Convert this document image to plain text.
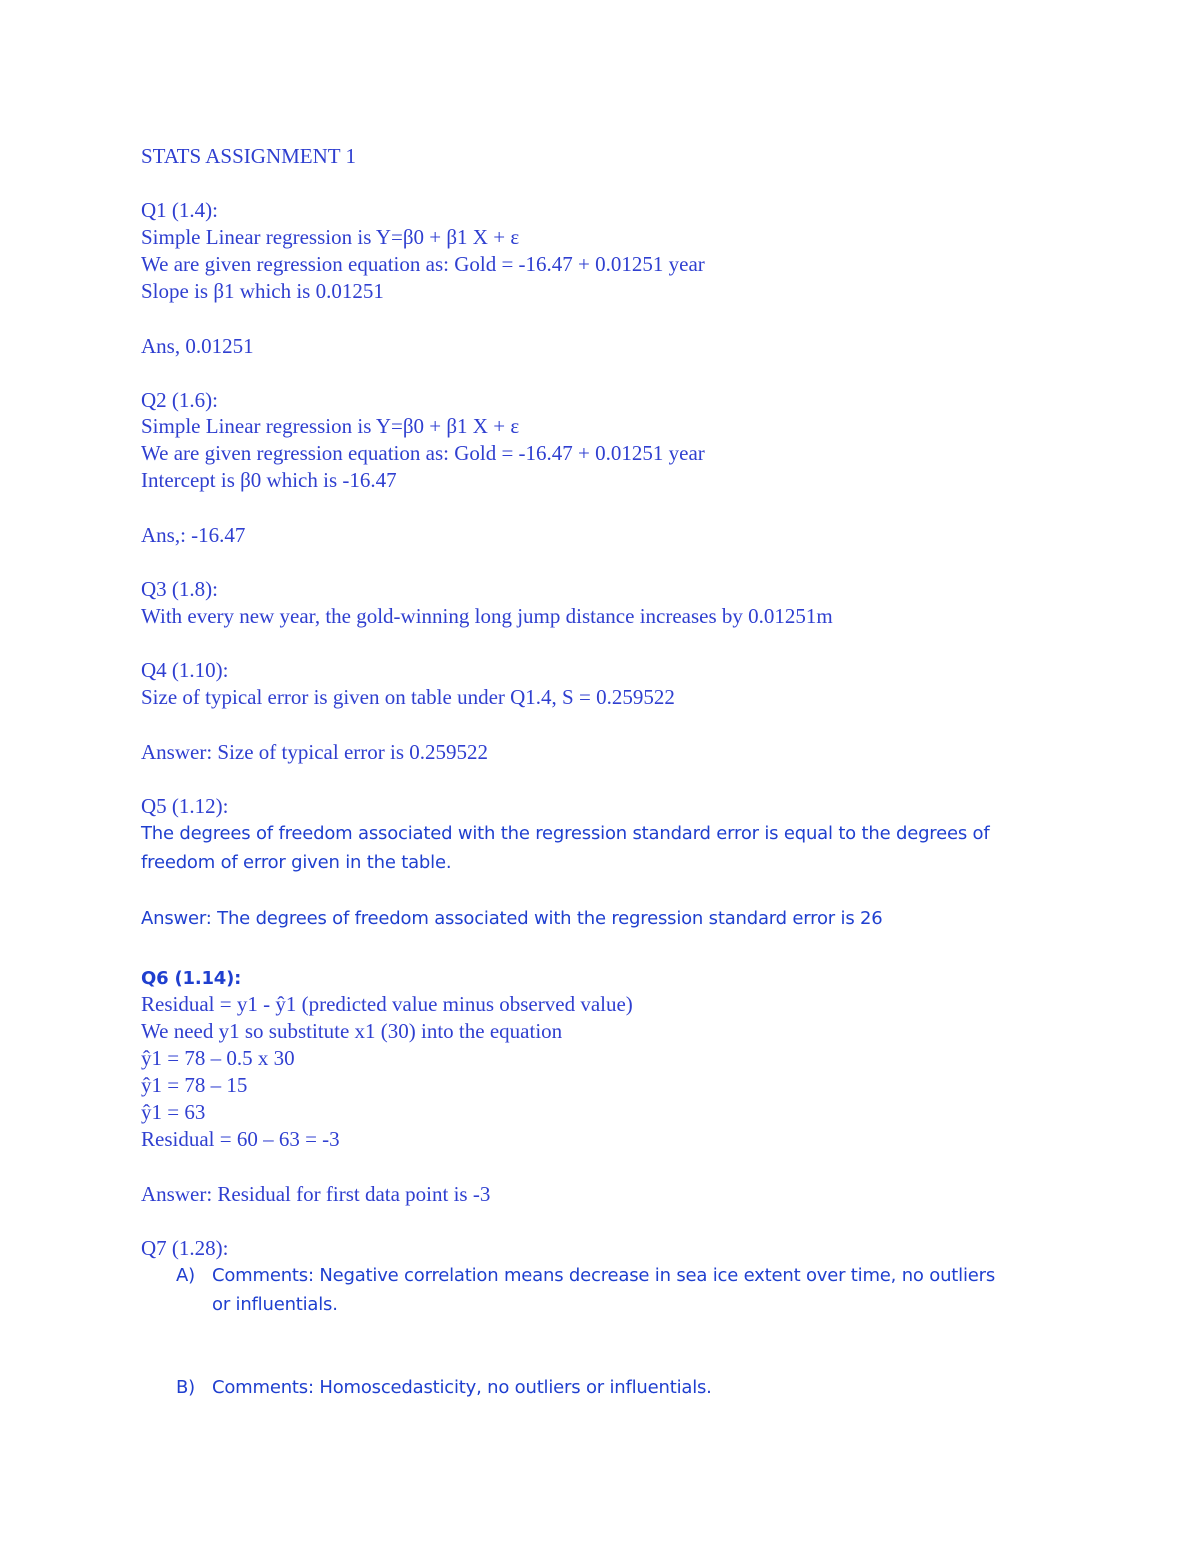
STATS ASSIGNMENT 1
Q1 (1.4):
Simple Linear regression is Y=β0 + β1 X + ε
We are given regression equation as: Gold = -16.47 + 0.01251 year
Slope is β1 which is 0.01251
Ans, 0.01251
Q2 (1.6):
Simple Linear regression is Y=β0 + β1 X + ε
We are given regression equation as: Gold = -16.47 + 0.01251 year
Intercept is β0 which is -16.47
Ans,: -16.47
Q3 (1.8):
With every new year, the gold-winning long jump distance increases by 0.01251m
Q4 (1.10):
Size of typical error is given on table under Q1.4, S = 0.259522
Answer: Size of typical error is 0.259522
Q5 (1.12):
The degrees of freedom associated with the regression standard error is equal to the degrees of
freedom of error given in the table.
Answer: The degrees of freedom associated with the regression standard error is 26
Q6 (1.14):
Residual = y1 - ŷ1 (predicted value minus observed value)
We need y1 so substitute x1 (30) into the equation
ŷ1 = 78 – 0.5 x 30
ŷ1 = 78 – 15
ŷ1 = 63
Residual = 60 – 63 = -3
Answer: Residual for first data point is -3
Q7 (1.28):
A) Comments: Negative correlation means decrease in sea ice extent over time, no outliers
or influentials.
B) Comments: Homoscedasticity, no outliers or influentials.
